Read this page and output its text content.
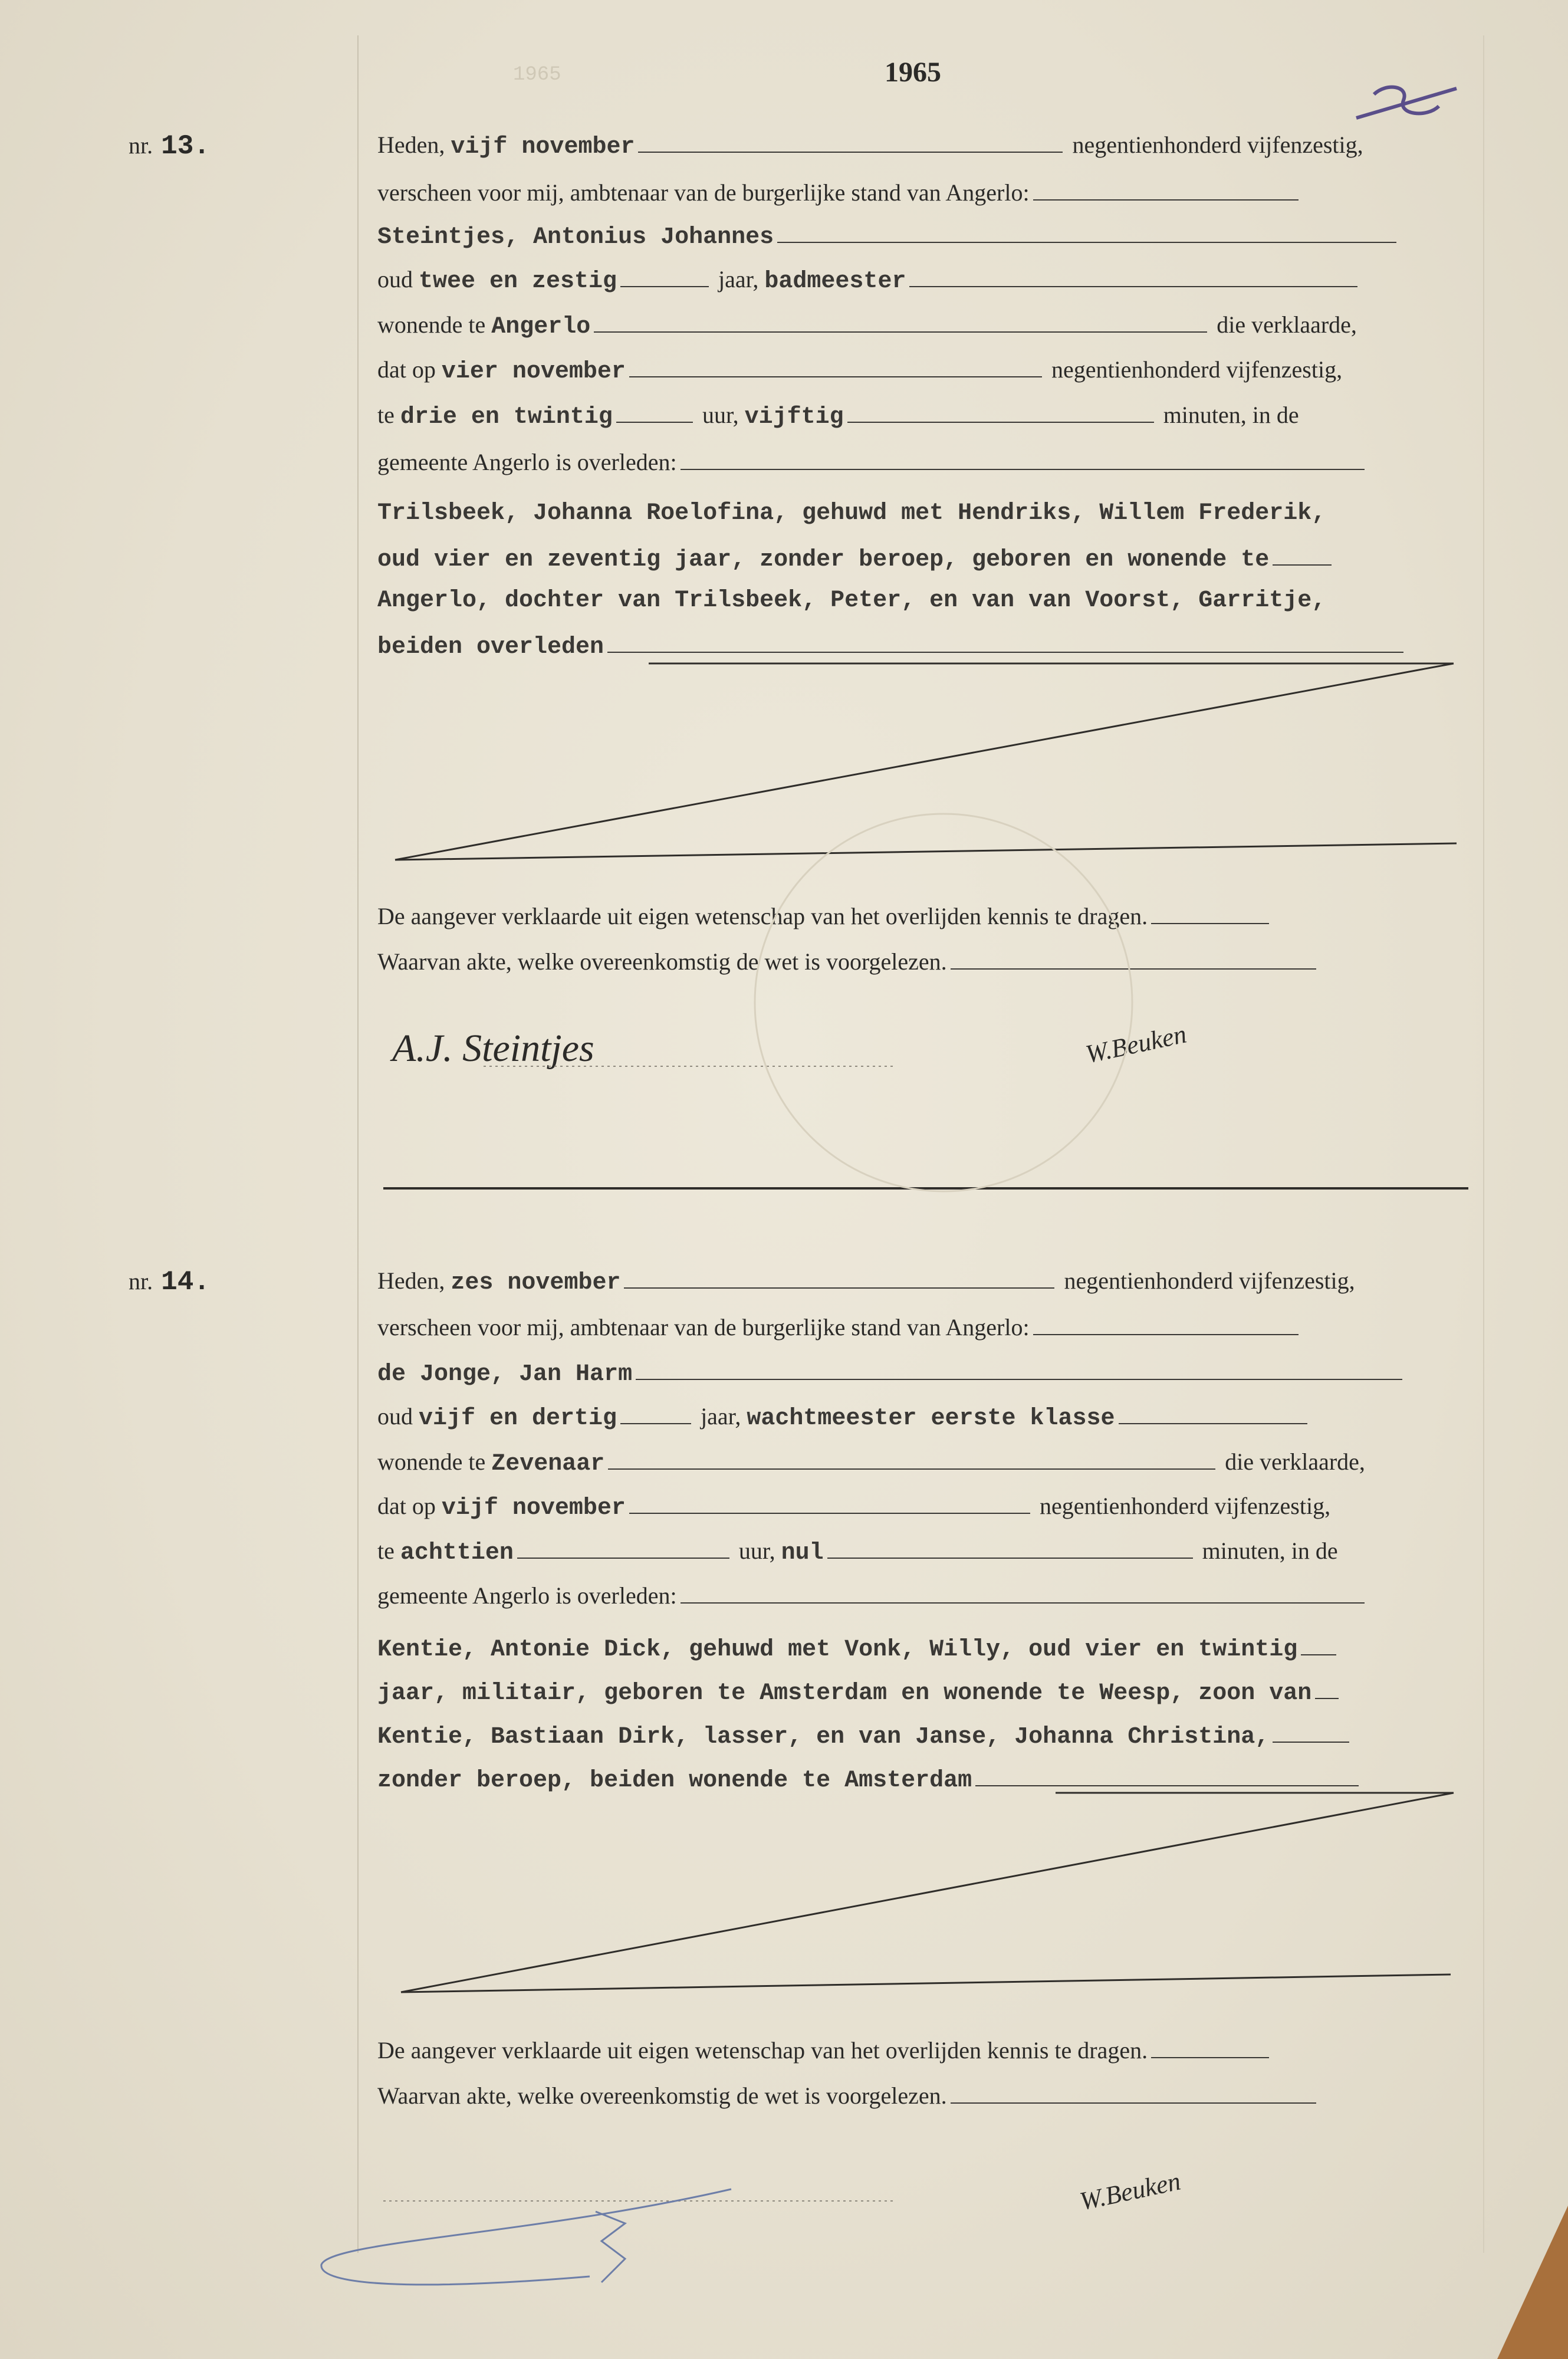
1965	1965
nr. 13.	Heden, vijf november	negentienhonderd vijfenzestig,
verscheen voor mij, ambtenaar van de burgerlijke stand van Angerlo:
Steintjes, Antonius Johannes
oud twee en zestig	jaar, badmeester
wonende te Angerlo	die verklaarde,
dat op vier november	negentienhonderd vijfenzestig,
te drie en twintig	uur, vijftig	minuten, in de
gemeente Angerlo is overleden:
Trilsbeek, Johanna Roelofina, gehuwd met Hendriks, Willem Frederik,
oud vier en zeventig jaar, zonder beroep, geboren en wonende te
Angerlo, dochter van Trilsbeek, Peter, en van van Voorst, Garritje,
beiden overleden
De aangever verklaarde uit eigen wetenschap van het overlijden kennis te dragen.
Waarvan akte, welke overeenkomstig de wet is voorgelezen.
A.J. Steintjes	W.Beuken
nr. 14.	Heden, zes november	negentienhonderd vijfenzestig,
verscheen voor mij, ambtenaar van de burgerlijke stand van Angerlo:
de Jonge, Jan Harm
oud vijf en dertig	jaar, wachtmeester eerste klasse
wonende te Zevenaar	die verklaarde,
dat op vijf november	negentienhonderd vijfenzestig,
te achttien	uur, nul	minuten, in de
gemeente Angerlo is overleden:
Kentie, Antonie Dick, gehuwd met Vonk, Willy, oud vier en twintig
jaar, militair, geboren te Amsterdam en wonende te Weesp, zoon van
Kentie, Bastiaan Dirk, lasser, en van Janse, Johanna Christina,
zonder beroep, beiden wonende te Amsterdam
De aangever verklaarde uit eigen wetenschap van het overlijden kennis te dragen.
Waarvan akte, welke overeenkomstig de wet is voorgelezen.
W.Beuken
